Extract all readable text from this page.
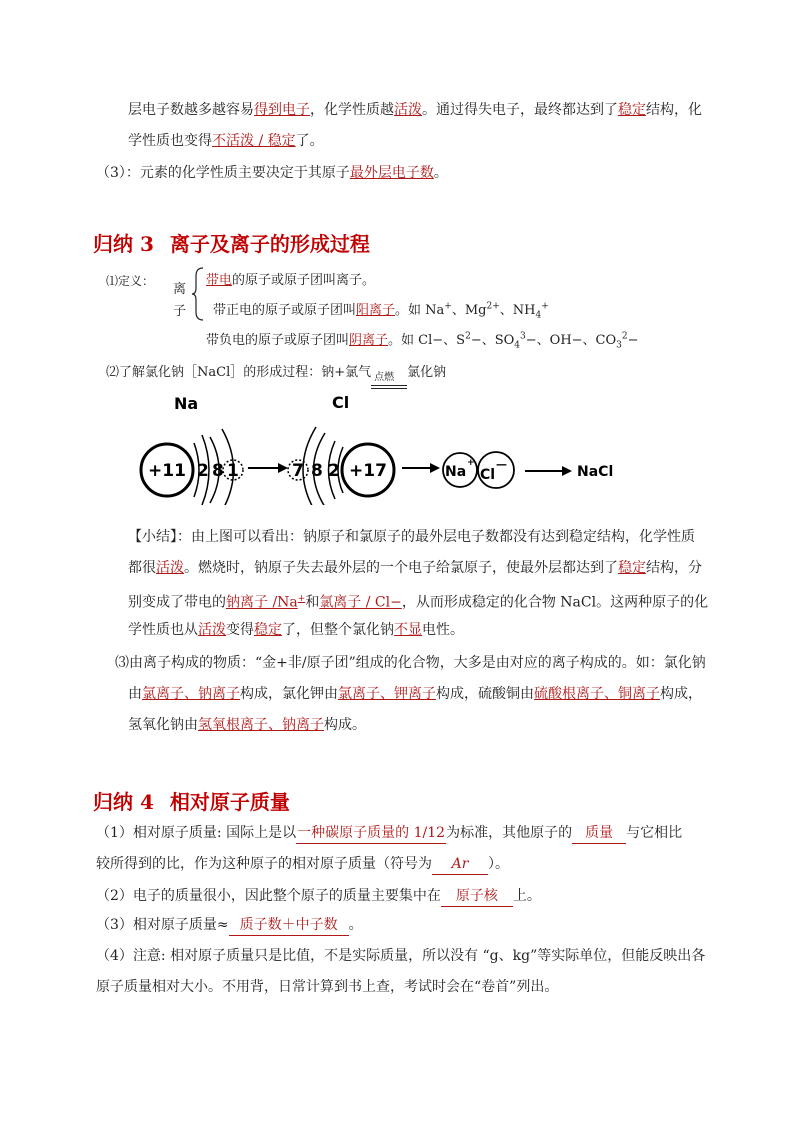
层电子数越多越容易得到电子，化学性质越活泼。通过得失电子，最终都达到了稳定结构，化
学性质也变得不活泼 / 稳定了。
（3）：元素的化学性质主要决定于其原子最外层电子数。
归纳 3 离子及离子的形成过程
⑴定义：
离
子
带电的原子或原子团叫离子。
带正电的原子或原子团叫阳离子。如 Na+、$Mg^{2+}$、$NH_4^+$
带负电的原子或原子团叫阴离子。如 Cl−、$S^2-$、$SO_4^3-$、OH−、$CO_3^2-$
⑵了解氯化钠［NaCl］的形成过程：钠+氯气 点燃 氯化钠
Na	Cl
+11 2 8 1	7 8 2 +17	Na
+
Cl
—	NaCl
【小结】：由上图可以看出：钠原子和氯原子的最外层电子数都没有达到稳定结构，化学性质
都很活泼。燃烧时，钠原子失去最外层的一个电子给氯原子，使最外层都达到了稳定结构，分
别变成了带电的钠离子 /Na+和氯离子 / Cl−，从而形成稳定的化合物 NaCl。这两种原子的化
学性质也从活泼变得稳定了，但整个氯化钠不显电性。
⑶由离子构成的物质：“金+非/原子团”组成的化合物，大多是由对应的离子构成的。如：氯化钠
由氯离子、钠离子构成，氯化钾由氯离子、钾离子构成，硫酸铜由硫酸根离子、铜离子构成，
氢氧化钠由氢氧根离子、钠离子构成。
归纳 4 相对原子质量
（1）相对原子质量: 国际上是以一种碳原子质量的 1/12为标准，其他原子的 质量 与它相比
较所得到的比，作为这种原子的相对原子质量（符号为 Ar ）。
（2）电子的质量很小，因此整个原子的质量主要集中在 原子核 上。
（3）相对原子质量≈ 质子数＋中子数 。
（4）注意: 相对原子质量只是比值，不是实际质量，所以没有 “g、kg”等实际单位，但能反映出各
原子质量相对大小。不用背，日常计算到书上查，考试时会在“卷首”列出。
